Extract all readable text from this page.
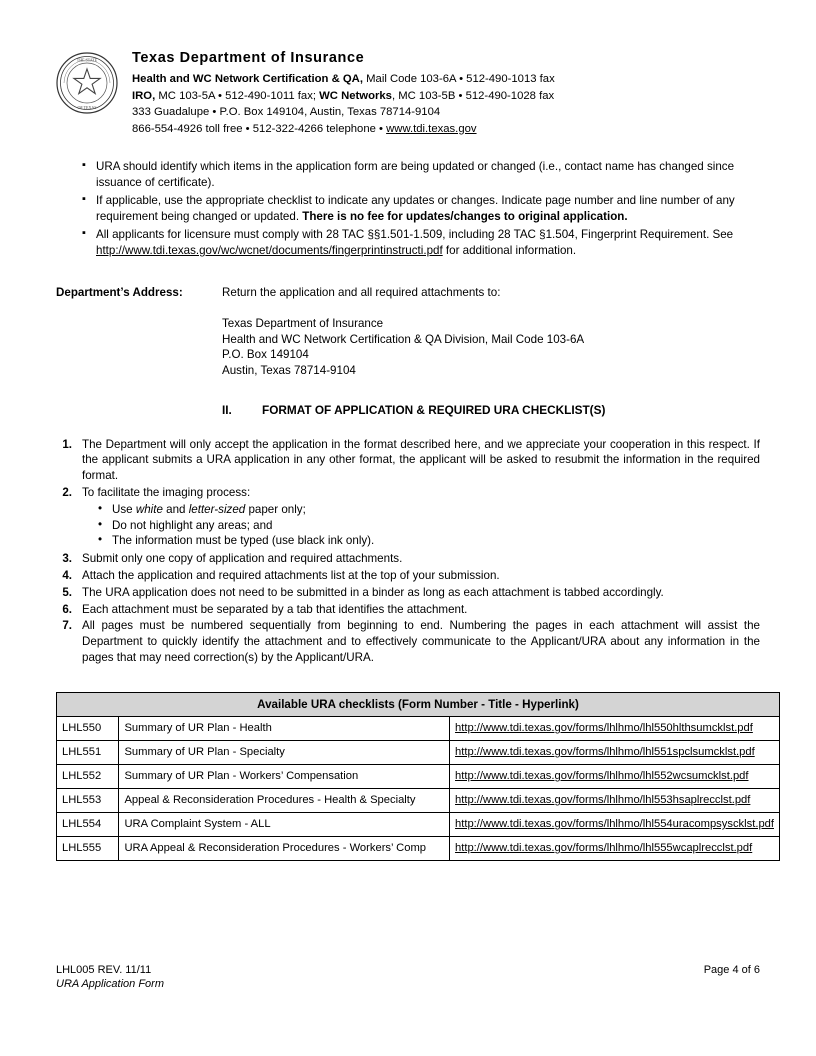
THE STATE
OF TEXAS
Texas Department of Insurance
Health and WC Network Certification & QA, Mail Code 103-6A • 512-490-1013 fax
IRO, MC 103-5A • 512-490-1011 fax; WC Networks, MC 103-5B • 512-490-1028 fax
333 Guadalupe • P.O. Box 149104, Austin, Texas 78714-9104
866-554-4926 toll free • 512-322-4266 telephone • www.tdi.texas.gov
▪ URA should identify which items in the application form are being updated or changed (i.e., contact name has changed since issuance of certificate).
▪ If applicable, use the appropriate checklist to indicate any updates or changes. Indicate page number and line number of any requirement being changed or updated. There is no fee for updates/changes to original application.
▪ All applicants for licensure must comply with 28 TAC §§1.501-1.509, including 28 TAC §1.504, Fingerprint Requirement. See http://www.tdi.texas.gov/wc/wcnet/documents/fingerprintinstructi.pdf for additional information.
Department’s Address:	Return the application and all required attachments to:
Texas Department of Insurance
Health and WC Network Certification & QA Division, Mail Code 103-6A
P.O. Box 149104
Austin, Texas 78714-9104
II.	FORMAT OF APPLICATION & REQUIRED URA CHECKLIST(S)
1. The Department will only accept the application in the format described here, and we appreciate your cooperation in this respect. If the applicant submits a URA application in any other format, the applicant will be asked to resubmit the information in the required format.
2. To facilitate the imaging process:
• Use white and letter-sized paper only;
• Do not highlight any areas; and
• The information must be typed (use black ink only).
3. Submit only one copy of application and required attachments.
4. Attach the application and required attachments list at the top of your submission.
5. The URA application does not need to be submitted in a binder as long as each attachment is tabbed accordingly.
6. Each attachment must be separated by a tab that identifies the attachment.
7. All pages must be numbered sequentially from beginning to end. Numbering the pages in each attachment will assist the Department to quickly identify the attachment and to effectively communicate to the Applicant/URA about any information in the pages that may need correction(s) by the Applicant/URA.
Available URA checklists (Form Number - Title - Hyperlink)		
LHL550	Summary of UR Plan - Health	http://www.tdi.texas.gov/forms/lhlhmo/lhl550hlthsumcklst.pdf
LHL551	Summary of UR Plan - Specialty	http://www.tdi.texas.gov/forms/lhlhmo/lhl551spclsumcklst.pdf
LHL552	Summary of UR Plan - Workers’ Compensation	http://www.tdi.texas.gov/forms/lhlhmo/lhl552wcsumcklst.pdf
LHL553	Appeal & Reconsideration Procedures - Health & Specialty	http://www.tdi.texas.gov/forms/lhlhmo/lhl553hsaplrecclst.pdf
LHL554	URA Complaint System - ALL	http://www.tdi.texas.gov/forms/lhlhmo/lhl554uracompsyscklst.pdf
LHL555	URA Appeal & Reconsideration Procedures - Workers’ Comp	http://www.tdi.texas.gov/forms/lhlhmo/lhl555wcaplrecclst.pdf
LHL005 REV. 11/11
URA Application Form
Page 4 of 6
